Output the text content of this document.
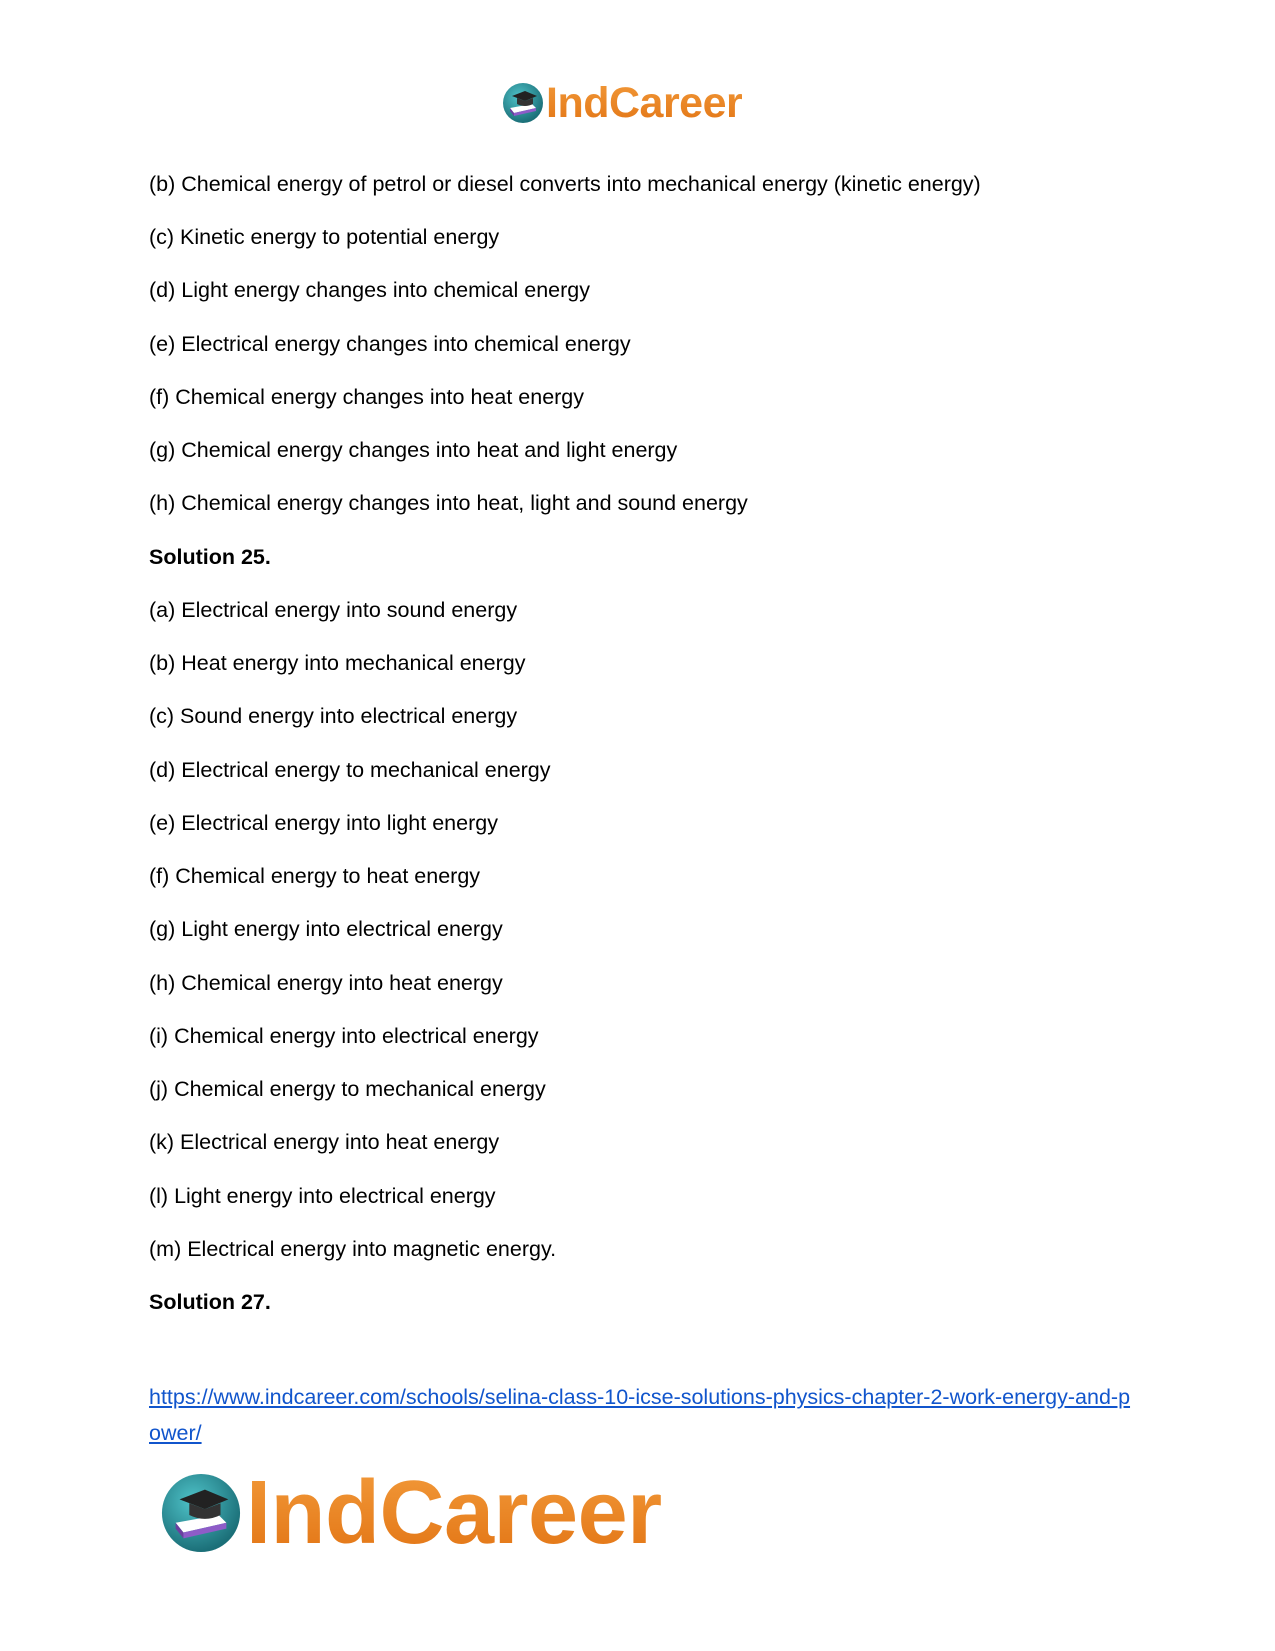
IndCareer
(b) Chemical energy of petrol or diesel converts into mechanical energy (kinetic energy)
(c) Kinetic energy to potential energy
(d) Light energy changes into chemical energy
(e) Electrical energy changes into chemical energy
(f) Chemical energy changes into heat energy
(g) Chemical energy changes into heat and light energy
(h) Chemical energy changes into heat, light and sound energy
Solution 25.
(a) Electrical energy into sound energy
(b) Heat energy into mechanical energy
(c) Sound energy into electrical energy
(d) Electrical energy to mechanical energy
(e) Electrical energy into light energy
(f) Chemical energy to heat energy
(g) Light energy into electrical energy
(h) Chemical energy into heat energy
(i) Chemical energy into electrical energy
(j) Chemical energy to mechanical energy
(k) Electrical energy into heat energy
(l) Light energy into electrical energy
(m) Electrical energy into magnetic energy.
Solution 27.
https://www.indcareer.com/schools/selina-class-10-icse-solutions-physics-chapter-2-work-energy-and-power/
IndCareer
